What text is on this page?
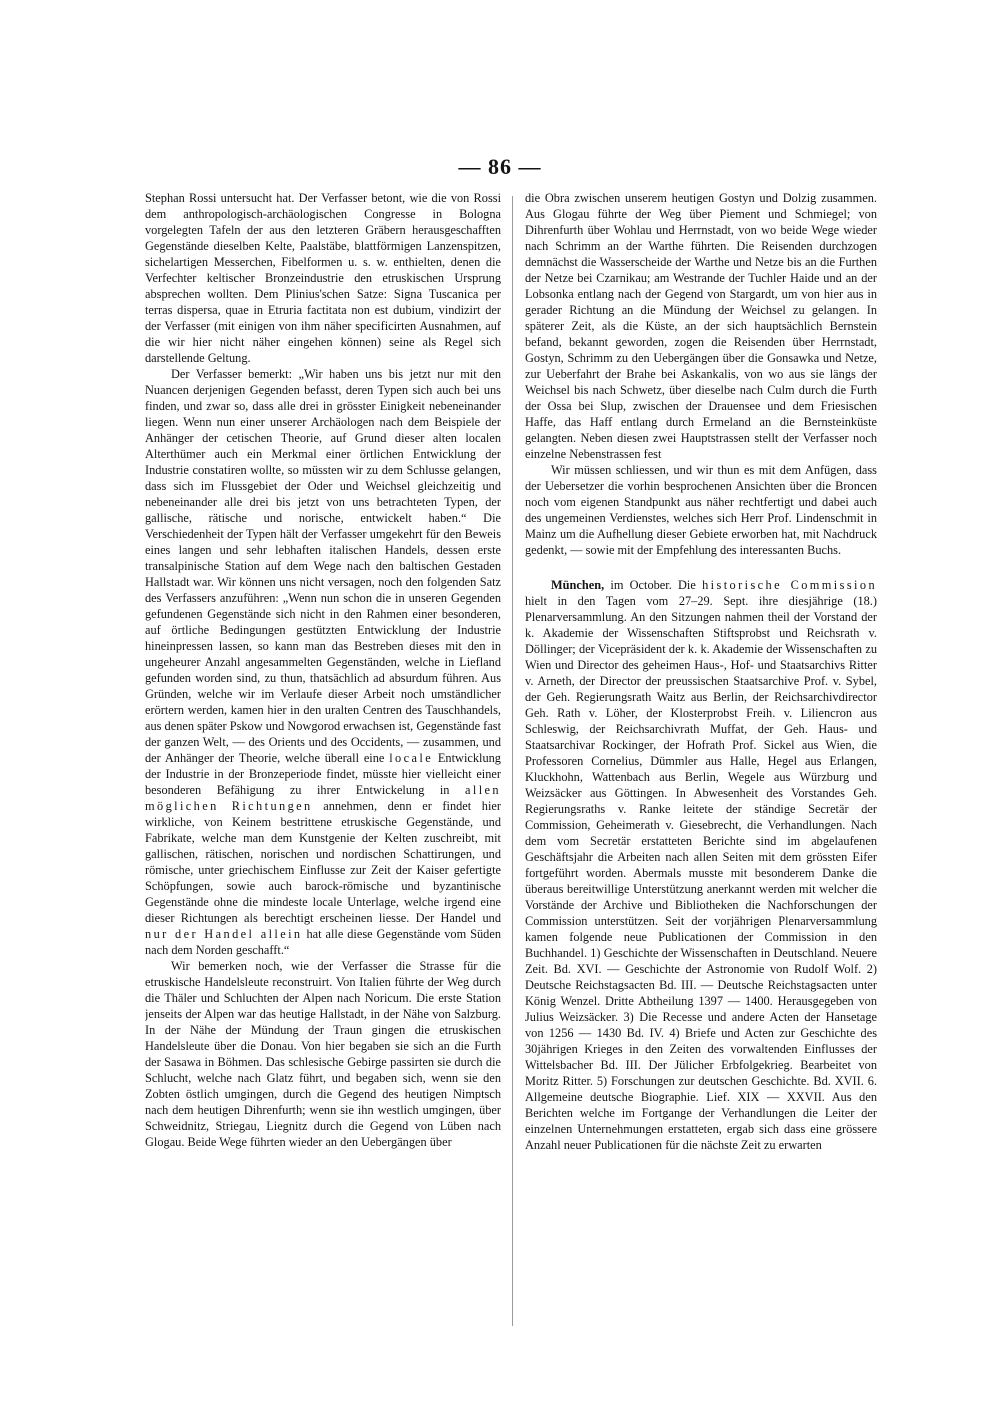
— 86 —

Stephan Rossi untersucht hat. Der Verfasser betont, wie die von Rossi dem anthropologisch-archäologischen Congresse in Bologna vorgelegten Tafeln der aus den letzteren Gräbern herausgeschafften Gegenstände dieselben Kelte, Paalstäbe, blattförmigen Lanzenspitzen, sichelartigen Messerchen, Fibelformen u. s. w. enthielten, denen die Verfechter keltischer Bronzeindustrie den etruskischen Ursprung absprechen wollten. Dem Plinius'schen Satze: Signa Tuscanica per terras dispersa, quae in Etruria factitata non est dubium, vindizirt der der Verfasser (mit einigen von ihm näher specificirten Ausnahmen, auf die wir hier nicht näher eingehen können) seine als Regel sich darstellende Geltung.

Der Verfasser bemerkt: „Wir haben uns bis jetzt nur mit den Nuancen derjenigen Gegenden befasst, deren Typen sich auch bei uns finden, und zwar so, dass alle drei in grösster Einigkeit nebeneinander liegen. Wenn nun einer unserer Archäologen nach dem Beispiele der Anhänger der cetischen Theorie, auf Grund dieser alten localen Alterthümer auch ein Merkmal einer örtlichen Entwicklung der Industrie constatiren wollte, so müssten wir zu dem Schlusse gelangen, dass sich im Flussgebiet der Oder und Weichsel gleichzeitig und nebeneinander alle drei bis jetzt von uns betrachteten Typen, der gallische, rätische und norische, entwickelt haben.“ Die Verschiedenheit der Typen hält der Verfasser umgekehrt für den Beweis eines langen und sehr lebhaften italischen Handels, dessen erste transalpinische Station auf dem Wege nach den baltischen Gestaden Hallstadt war. Wir können uns nicht versagen, noch den folgenden Satz des Verfassers anzuführen: „Wenn nun schon die in unseren Gegenden gefundenen Gegenstände sich nicht in den Rahmen einer besonderen, auf örtliche Bedingungen gestützten Entwicklung der Industrie hineinpressen lassen, so kann man das Bestreben dieses mit den in ungeheurer Anzahl angesammelten Gegenständen, welche in Liefland gefunden worden sind, zu thun, thatsächlich ad absurdum führen. Aus Gründen, welche wir im Verlaufe dieser Arbeit noch umständlicher erörtern werden, kamen hier in den uralten Centren des Tauschhandels, aus denen später Pskow und Nowgorod erwachsen ist, Gegenstände fast der ganzen Welt, — des Orients und des Occidents, — zusammen, und der Anhänger der Theorie, welche überall eine locale Entwicklung der Industrie in der Bronzeperiode findet, müsste hier vielleicht einer besonderen Befähigung zu ihrer Entwickelung in allen möglichen Richtungen annehmen, denn er findet hier wirkliche, von Keinem bestrittene etruskische Gegenstände, und Fabrikate, welche man dem Kunstgenie der Kelten zuschreibt, mit gallischen, rätischen, norischen und nordischen Schattirungen, und römische, unter griechischem Einflusse zur Zeit der Kaiser gefertigte Schöpfungen, sowie auch barock-römische und byzantinische Gegenstände ohne die mindeste locale Unterlage, welche irgend eine dieser Richtungen als berechtigt erscheinen liesse. Der Handel und nur der Handel allein hat alle diese Gegenstände vom Süden nach dem Norden geschafft.“

Wir bemerken noch, wie der Verfasser die Strasse für die etruskische Handelsleute reconstruirt. Von Italien führte der Weg durch die Thäler und Schluchten der Alpen nach Noricum. Die erste Station jenseits der Alpen war das heutige Hallstadt, in der Nähe von Salzburg. In der Nähe der Mündung der Traun gingen die etruskischen Handelsleute über die Donau. Von hier begaben sie sich an die Furth der Sasawa in Böhmen. Das schlesische Gebirge passirten sie durch die Schlucht, welche nach Glatz führt, und begaben sich, wenn sie den Zobten östlich umgingen, durch die Gegend des heutigen Nimptsch nach dem heutigen Dihrenfurth; wenn sie ihn westlich umgingen, über Schweidnitz, Striegau, Liegnitz durch die Gegend von Lüben nach Glogau. Beide Wege führten wieder an den Uebergängen über

die Obra zwischen unserem heutigen Gostyn und Dolzig zusammen. Aus Glogau führte der Weg über Piement und Schmiegel; von Dihrenfurth über Wohlau und Herrnstadt, von wo beide Wege wieder nach Schrimm an der Warthe führten. Die Reisenden durchzogen demnächst die Wasserscheide der Warthe und Netze bis an die Furthen der Netze bei Czarnikau; am Westrande der Tuchler Haide und an der Lobsonka entlang nach der Gegend von Stargardt, um von hier aus in gerader Richtung an die Mündung der Weichsel zu gelangen. In späterer Zeit, als die Küste, an der sich hauptsächlich Bernstein befand, bekannt geworden, zogen die Reisenden über Herrnstadt, Gostyn, Schrimm zu den Uebergängen über die Gonsawka und Netze, zur Ueberfahrt der Brahe bei Askankalis, von wo aus sie längs der Weichsel bis nach Schwetz, über dieselbe nach Culm durch die Furth der Ossa bei Slup, zwischen der Drauensee und dem Friesischen Haffe, das Haff entlang durch Ermeland an die Bernsteinküste gelangten. Neben diesen zwei Hauptstrassen stellt der Verfasser noch einzelne Nebenstrassen fest

Wir müssen schliessen, und wir thun es mit dem Anfügen, dass der Uebersetzer die vorhin besprochenen Ansichten über die Broncen noch vom eigenen Standpunkt aus näher rechtfertigt und dabei auch des ungemeinen Verdienstes, welches sich Herr Prof. Lindenschmit in Mainz um die Aufhellung dieser Gebiete erworben hat, mit Nachdruck gedenkt, — sowie mit der Empfehlung des interessanten Buchs.

München, im October. Die historische Commission hielt in den Tagen vom 27–29. Sept. ihre diesjährige (18.) Plenarversammlung. An den Sitzungen nahmen theil der Vorstand der k. Akademie der Wissenschaften Stiftsprobst und Reichsrath v. Döllinger; der Vicepräsident der k. k. Akademie der Wissenschaften zu Wien und Director des geheimen Haus-, Hof- und Staatsarchivs Ritter v. Arneth, der Director der preussischen Staatsarchive Prof. v. Sybel, der Geh. Regierungsrath Waitz aus Berlin, der Reichsarchivdirector Geh. Rath v. Löher, der Klosterprobst Freih. v. Liliencron aus Schleswig, der Reichsarchivrath Muffat, der Geh. Haus- und Staatsarchivar Rockinger, der Hofrath Prof. Sickel aus Wien, die Professoren Cornelius, Dümmler aus Halle, Hegel aus Erlangen, Kluckhohn, Wattenbach aus Berlin, Wegele aus Würzburg und Weizsäcker aus Göttingen. In Abwesenheit des Vorstandes Geh. Regierungsraths v. Ranke leitete der ständige Secretär der Commission, Geheimerath v. Giesebrecht, die Verhandlungen. Nach dem vom Secretär erstatteten Berichte sind im abgelaufenen Geschäftsjahr die Arbeiten nach allen Seiten mit dem grössten Eifer fortgeführt worden. Abermals musste mit besonderem Danke die überaus bereitwillige Unterstützung anerkannt werden mit welcher die Vorstände der Archive und Bibliotheken die Nachforschungen der Commission unterstützen. Seit der vorjährigen Plenarversammlung kamen folgende neue Publicationen der Commission in den Buchhandel. 1) Geschichte der Wissenschaften in Deutschland. Neuere Zeit. Bd. XVI. — Geschichte der Astronomie von Rudolf Wolf. 2) Deutsche Reichstagsacten Bd. III. — Deutsche Reichstagsacten unter König Wenzel. Dritte Abtheilung 1397 — 1400. Herausgegeben von Julius Weizsäcker. 3) Die Recesse und andere Acten der Hansetage von 1256 — 1430 Bd. IV. 4) Briefe und Acten zur Geschichte des 30jährigen Krieges in den Zeiten des vorwaltenden Einflusses der Wittelsbacher Bd. III. Der Jülicher Erbfolgekrieg. Bearbeitet von Moritz Ritter. 5) Forschungen zur deutschen Geschichte. Bd. XVII. 6. Allgemeine deutsche Biographie. Lief. XIX — XXVII. Aus den Berichten welche im Fortgange der Verhandlungen die Leiter der einzelnen Unternehmungen erstatteten, ergab sich dass eine grössere Anzahl neuer Publicationen für die nächste Zeit zu erwarten
